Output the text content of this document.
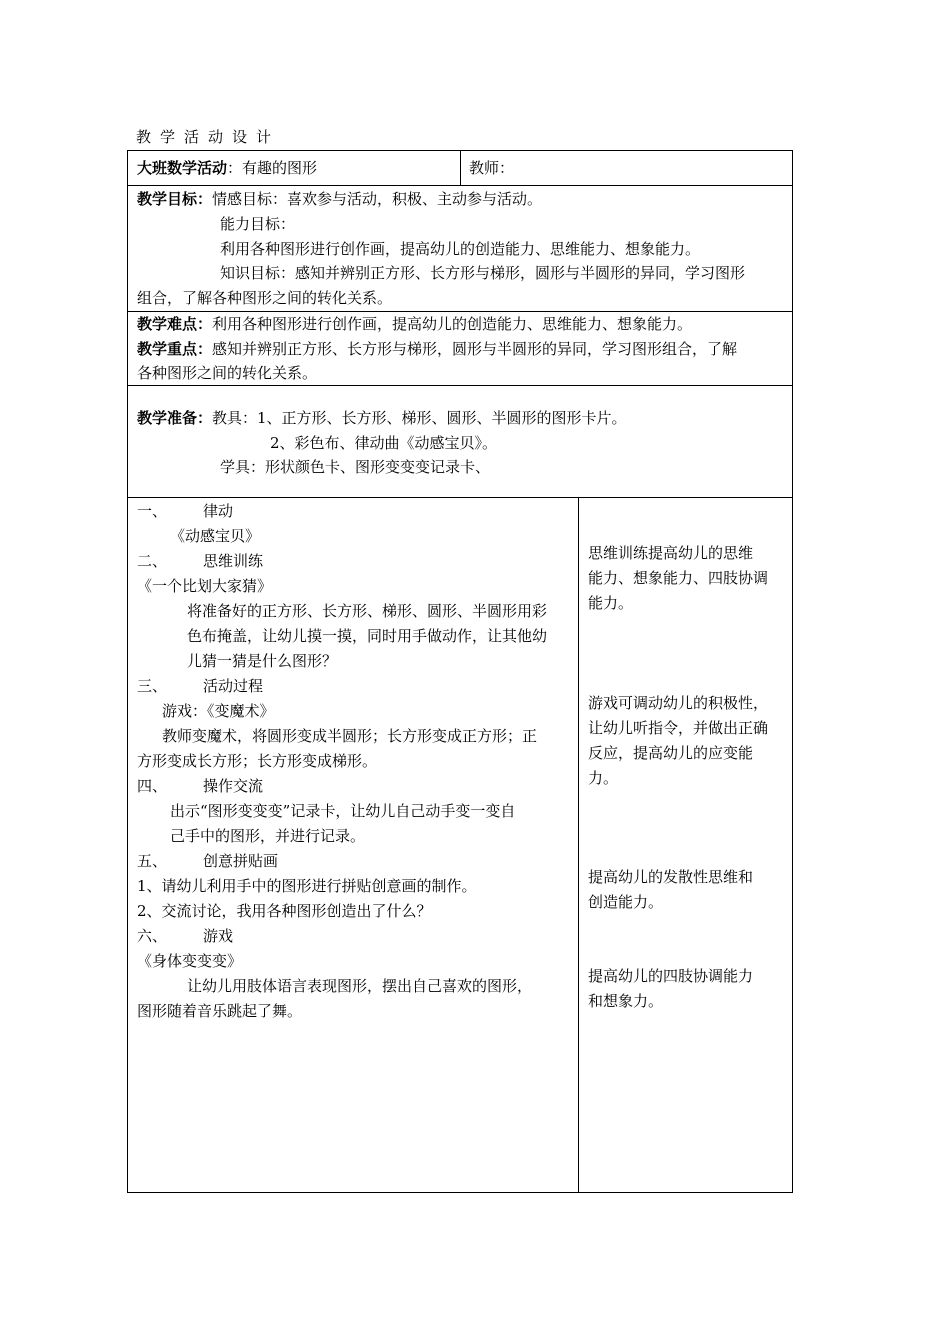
教学活动设计
大班数学活动：有趣的图形	教师：
教学目标：情感目标：喜欢参与活动，积极、主动参与活动。
能力目标：
利用各种图形进行创作画，提高幼儿的创造能力、思维能力、想象能力。
知识目标：感知并辨别正方形、长方形与梯形，圆形与半圆形的异同，学习图形
组合，了解各种图形之间的转化关系。
教学难点：利用各种图形进行创作画，提高幼儿的创造能力、思维能力、想象能力。
教学重点：感知并辨别正方形、长方形与梯形，圆形与半圆形的异同，学习图形组合，了解
各种图形之间的转化关系。
教学准备：教具：1、正方形、长方形、梯形、圆形、半圆形的图形卡片。
2、彩色布、律动曲《动感宝贝》。
学具：形状颜色卡、图形变变变记录卡、
一、 律动
《动感宝贝》
二、 思维训练
《一个比划大家猜》
将准备好的正方形、长方形、梯形、圆形、半圆形用彩
色布掩盖，让幼儿摸一摸，同时用手做动作，让其他幼
儿猜一猜是什么图形？
三、 活动过程
游戏：《变魔术》
教师变魔术，将圆形变成半圆形；长方形变成正方形；正
方形变成长方形；长方形变成梯形。
四、 操作交流
出示“图形变变变”记录卡，让幼儿自己动手变一变自
己手中的图形，并进行记录。
五、 创意拼贴画
1、请幼儿利用手中的图形进行拼贴创意画的制作。
2、交流讨论，我用各种图形创造出了什么？
六、 游戏
《身体变变变》
让幼儿用肢体语言表现图形，摆出自己喜欢的图形，
图形随着音乐跳起了舞。
思维训练提高幼儿的思维
能力、想象能力、四肢协调
能力。
游戏可调动幼儿的积极性，
让幼儿听指令，并做出正确
反应，提高幼儿的应变能
力。
提高幼儿的发散性思维和
创造能力。
提高幼儿的四肢协调能力
和想象力。
